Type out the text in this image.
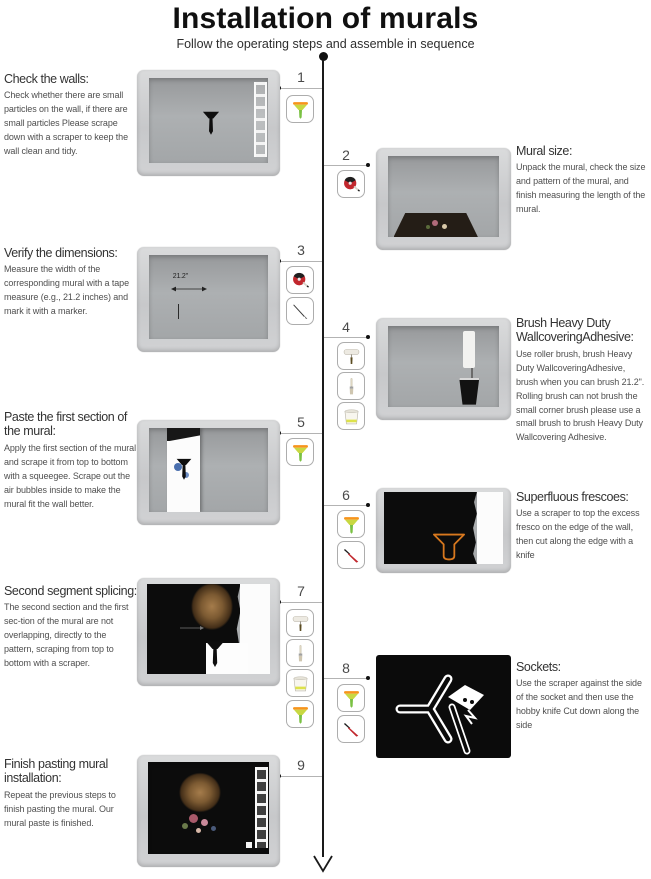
Installation of murals
Follow the operating steps and assemble in sequence
1
Check the walls:

Check whether there are small particles on the wall, if there are small particles Please scrape down with a scraper to keep the wall clean and tidy.	2	Mural size:

Unpack the mural, check the size and pattern of the mural, and finish measuring the length of the mural.

3
Verify the dimensions:

Measure the width of the corresponding mural with a tape measure (e.g., 21.2 inches) and mark it with a marker.

21.2"
4	Brush Heavy Duty WallcoveringAdhesive:

Use roller brush, brush Heavy Duty WallcoveringAdhesive, brush when you can brush 21.2". Rolling brush can not brush the small corner brush please use a small brush to brush Heavy Duty Wallcovering Adhesive.

5
Paste the first section of the mural:

Apply the first section of the mural and scrape it from top to bottom with a squeegee. Scrape out the air bubbles inside to make the mural fit the wall better.

6	Superfluous frescoes:

Use a scraper to top the excess fresco on the edge of the wall, then cut along the edge with a knife

7
Second segment splicing:

The second section and the first sec-tion of the mural are not overlapping, directly to the pattern, scraping from top to bottom with a scraper.	8	Sockets:

Use the scraper against the side of the socket and then use the hobby knife Cut down along the side

9
Finish pasting mural installation:

Repeat the previous steps to finish pasting the mural. Our mural paste is finished.
